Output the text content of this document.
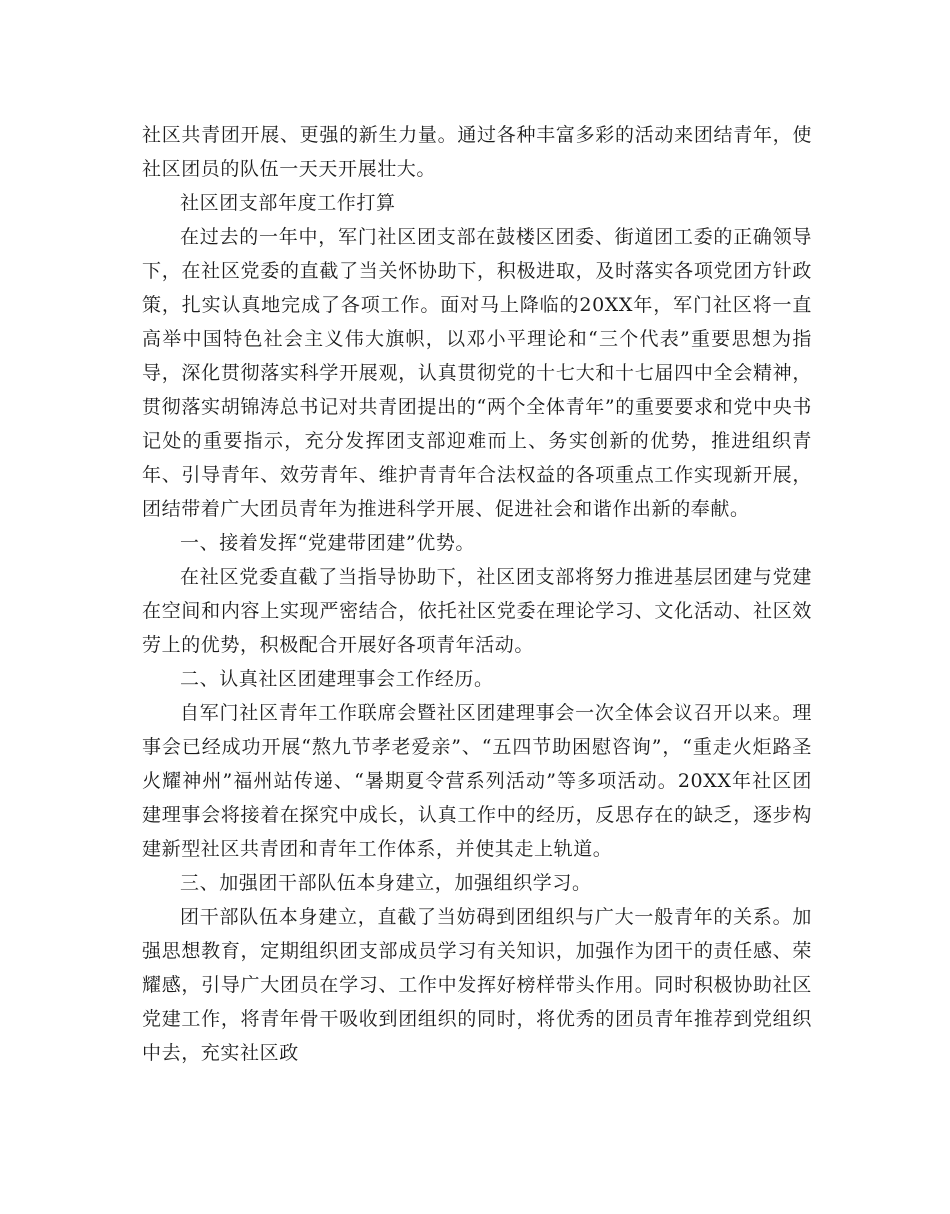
社区共青团开展、更强的新生力量。通过各种丰富多彩的活动来团结青年，使社区团员的队伍一天天开展壮大。

社区团支部年度工作打算

在过去的一年中，军门社区团支部在鼓楼区团委、街道团工委的正确领导下，在社区党委的直截了当关怀协助下，积极进取，及时落实各项党团方针政策，扎实认真地完成了各项工作。面对马上降临的20XX年，军门社区将一直高举中国特色社会主义伟大旗帜，以邓小平理论和“三个代表”重要思想为指导，深化贯彻落实科学开展观，认真贯彻党的十七大和十七届四中全会精神，贯彻落实胡锦涛总书记对共青团提出的“两个全体青年”的重要要求和党中央书记处的重要指示，充分发挥团支部迎难而上、务实创新的优势，推进组织青年、引导青年、效劳青年、维护青青年合法权益的各项重点工作实现新开展，团结带着广大团员青年为推进科学开展、促进社会和谐作出新的奉献。

一、接着发挥“党建带团建”优势。

在社区党委直截了当指导协助下，社区团支部将努力推进基层团建与党建在空间和内容上实现严密结合，依托社区党委在理论学习、文化活动、社区效劳上的优势，积极配合开展好各项青年活动。

二、认真社区团建理事会工作经历。

自军门社区青年工作联席会暨社区团建理事会一次全体会议召开以来。理事会已经成功开展“熬九节孝老爱亲”、“五四节助困慰咨询”，“重走火炬路圣火耀神州”福州站传递、“暑期夏令营系列活动”等多项活动。20XX年社区团建理事会将接着在探究中成长，认真工作中的经历，反思存在的缺乏，逐步构建新型社区共青团和青年工作体系，并使其走上轨道。

三、加强团干部队伍本身建立，加强组织学习。

团干部队伍本身建立，直截了当妨碍到团组织与广大一般青年的关系。加强思想教育，定期组织团支部成员学习有关知识，加强作为团干的责任感、荣耀感，引导广大团员在学习、工作中发挥好榜样带头作用。同时积极协助社区党建工作，将青年骨干吸收到团组织的同时，将优秀的团员青年推荐到党组织中去，充实社区政
